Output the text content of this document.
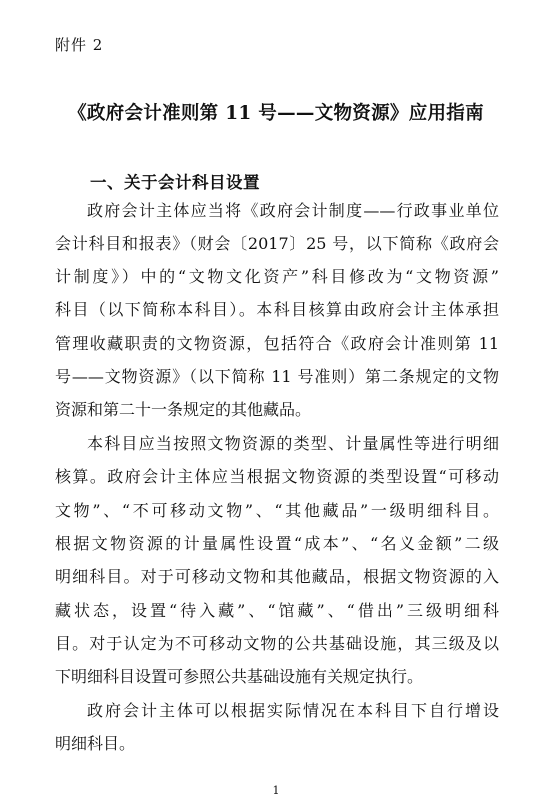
附件 2
《政府会计准则第 11 号——文物资源》应用指南
一、关于会计科目设置
政府会计主体应当将《政府会计制度——行政事业单位
会计科目和报表》（财会〔2017〕25 号，以下简称《政府会
计制度》）中的“文物文化资产”科目修改为“文物资源”
科目（以下简称本科目）。本科目核算由政府会计主体承担
管理收藏职责的文物资源，包括符合《政府会计准则第 11
号——文物资源》（以下简称 11 号准则）第二条规定的文物
资源和第二十一条规定的其他藏品。
本科目应当按照文物资源的类型、计量属性等进行明细
核算。政府会计主体应当根据文物资源的类型设置“可移动
文物”、“不可移动文物”、“其他藏品”一级明细科目。
根据文物资源的计量属性设置“成本”、“名义金额”二级
明细科目。对于可移动文物和其他藏品，根据文物资源的入
藏状态，设置“待入藏”、“馆藏”、“借出”三级明细科
目。对于认定为不可移动文物的公共基础设施，其三级及以
下明细科目设置可参照公共基础设施有关规定执行。
政府会计主体可以根据实际情况在本科目下自行增设
明细科目。
1
